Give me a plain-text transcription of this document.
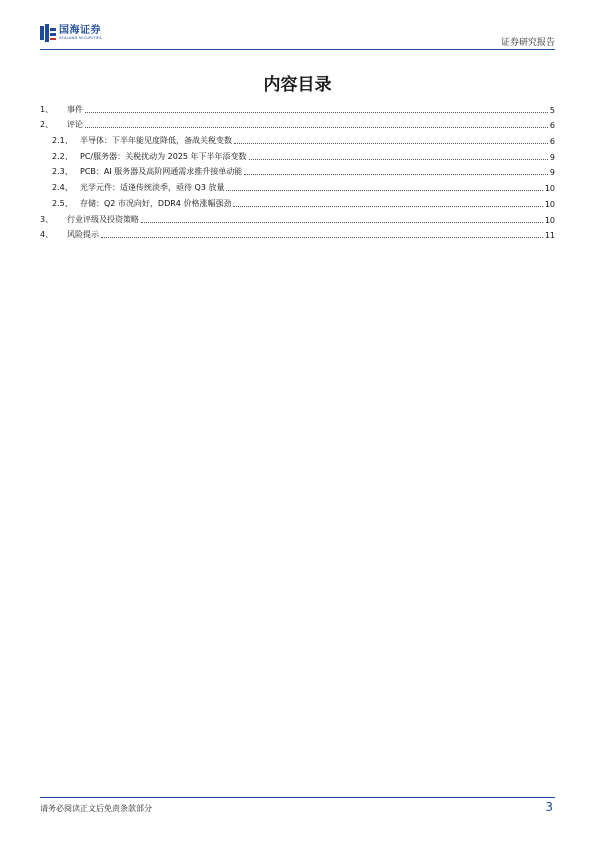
国海证券
SEALAND SECURITIES
证券研究报告
内容目录
1、	事件	5
2、	评论	6
2.1、 半导体：下半年能见度降低，备战关税变数	6
2.2、 PC/服务器：关税扰动为 2025 年下半年添变数	9
2.3、 PCB：AI 服务器及高阶网通需求推升接单动能	9
2.4、 光学元件：适逢传统淡季，亟待 Q3 放量	10
2.5、 存储：Q2 市况向好，DDR4 价格涨幅强劲	10
3、	行业评级及投资策略	10
4、	风险提示	11
请务必阅读正文后免责条款部分	3
